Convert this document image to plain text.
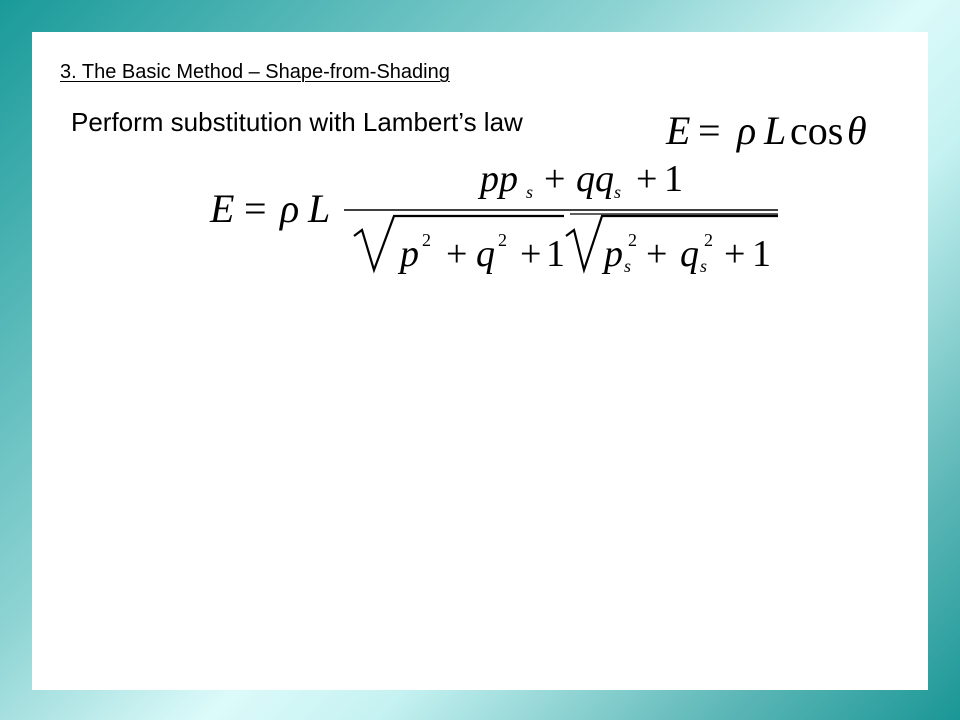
3. The Basic Method – Shape-from-Shading

Perform substitution with Lambert’s law	E = ρ L cos θ
E = ρ L
pp s + qq s + 1
p 2 + q 2 + 1 p s
2 + q s
2 + 1
